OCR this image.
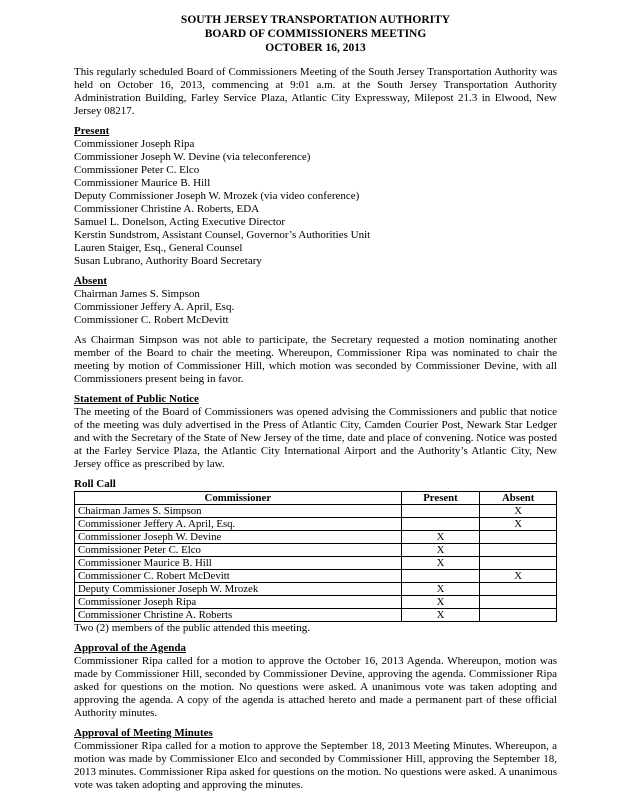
SOUTH JERSEY TRANSPORTATION AUTHORITY
BOARD OF COMMISSIONERS MEETING
OCTOBER 16, 2013

This regularly scheduled Board of Commissioners Meeting of the South Jersey Transportation Authority was held on October 16, 2013, commencing at 9:01 a.m. at the South Jersey Transportation Authority Administration Building, Farley Service Plaza, Atlantic City Expressway, Milepost 21.3 in Elwood, New Jersey 08217.

Present
Commissioner Joseph Ripa
Commissioner Joseph W. Devine (via teleconference)
Commissioner Peter C. Elco
Commissioner Maurice B. Hill
Deputy Commissioner Joseph W. Mrozek (via video conference)
Commissioner Christine A. Roberts, EDA
Samuel L. Donelson, Acting Executive Director
Kerstin Sundstrom, Assistant Counsel, Governor’s Authorities Unit
Lauren Staiger, Esq., General Counsel
Susan Lubrano, Authority Board Secretary
Absent
Chairman James S. Simpson
Commissioner Jeffery A. April, Esq.
Commissioner C. Robert McDevitt

As Chairman Simpson was not able to participate, the Secretary requested a motion nominating another member of the Board to chair the meeting. Whereupon, Commissioner Ripa was nominated to chair the meeting by motion of Commissioner Hill, which motion was seconded by Commissioner Devine, with all Commissioners present being in favor.

Statement of Public Notice

The meeting of the Board of Commissioners was opened advising the Commissioners and public that notice of the meeting was duly advertised in the Press of Atlantic City, Camden Courier Post, Newark Star Ledger and with the Secretary of the State of New Jersey of the time, date and place of convening. Notice was posted at the Farley Service Plaza, the Atlantic City International Airport and the Authority’s Atlantic City, New Jersey office as prescribed by law.

Roll Call
Commissioner	Present	Absent
Chairman James S. Simpson		X
Commissioner Jeffery A. April, Esq.		X
Commissioner Joseph W. Devine	X	
Commissioner Peter C. Elco	X	
Commissioner Maurice B. Hill	X	
Commissioner C. Robert McDevitt		X
Deputy Commissioner Joseph W. Mrozek	X	
Commissioner Joseph Ripa	X	
Commissioner Christine A. Roberts	X	
Two (2) members of the public attended this meeting.
Approval of the Agenda

Commissioner Ripa called for a motion to approve the October 16, 2013 Agenda. Whereupon, motion was made by Commissioner Hill, seconded by Commissioner Devine, approving the agenda. Commissioner Ripa asked for questions on the motion. No questions were asked. A unanimous vote was taken adopting and approving the agenda. A copy of the agenda is attached hereto and made a permanent part of these official Authority minutes.

Approval of Meeting Minutes

Commissioner Ripa called for a motion to approve the September 18, 2013 Meeting Minutes. Whereupon, a motion was made by Commissioner Elco and seconded by Commissioner Hill, approving the September 18, 2013 minutes. Commissioner Ripa asked for questions on the motion. No questions were asked. A unanimous vote was taken adopting and approving the minutes.
